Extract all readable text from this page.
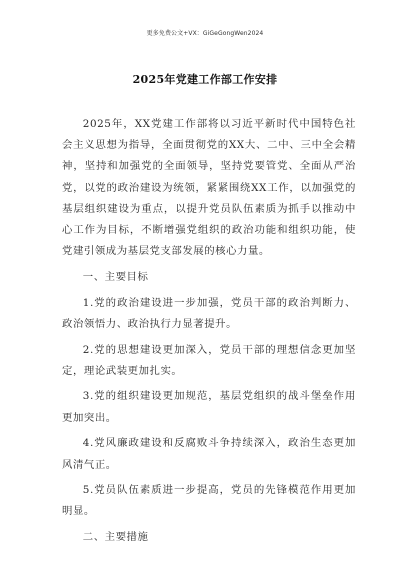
更多免费公文+VX：GiGeGongWen2024
2025年党建工作部工作安排

2025年，XX党建工作部将以习近平新时代中国特色社会主义思想为指导，全面贯彻党的XX大、二中、三中全会精神，坚持和加强党的全面领导，坚持党要管党、全面从严治党，以党的政治建设为统领，紧紧围绕XX工作，以加强党的基层组织建设为重点，以提升党员队伍素质为抓手以推动中心工作为目标，不断增强党组织的政治功能和组织功能，使党建引领成为基层党支部发展的核心力量。

一、主要目标

1.党的政治建设进一步加强，党员干部的政治判断力、政治领悟力、政治执行力显著提升。

2.党的思想建设更加深入，党员干部的理想信念更加坚定，理论武装更加扎实。

3.党的组织建设更加规范，基层党组织的战斗堡垒作用更加突出。

4.党风廉政建设和反腐败斗争持续深入，政治生态更加风清气正。

5.党员队伍素质进一步提高，党员的先锋模范作用更加明显。

二、主要措施
